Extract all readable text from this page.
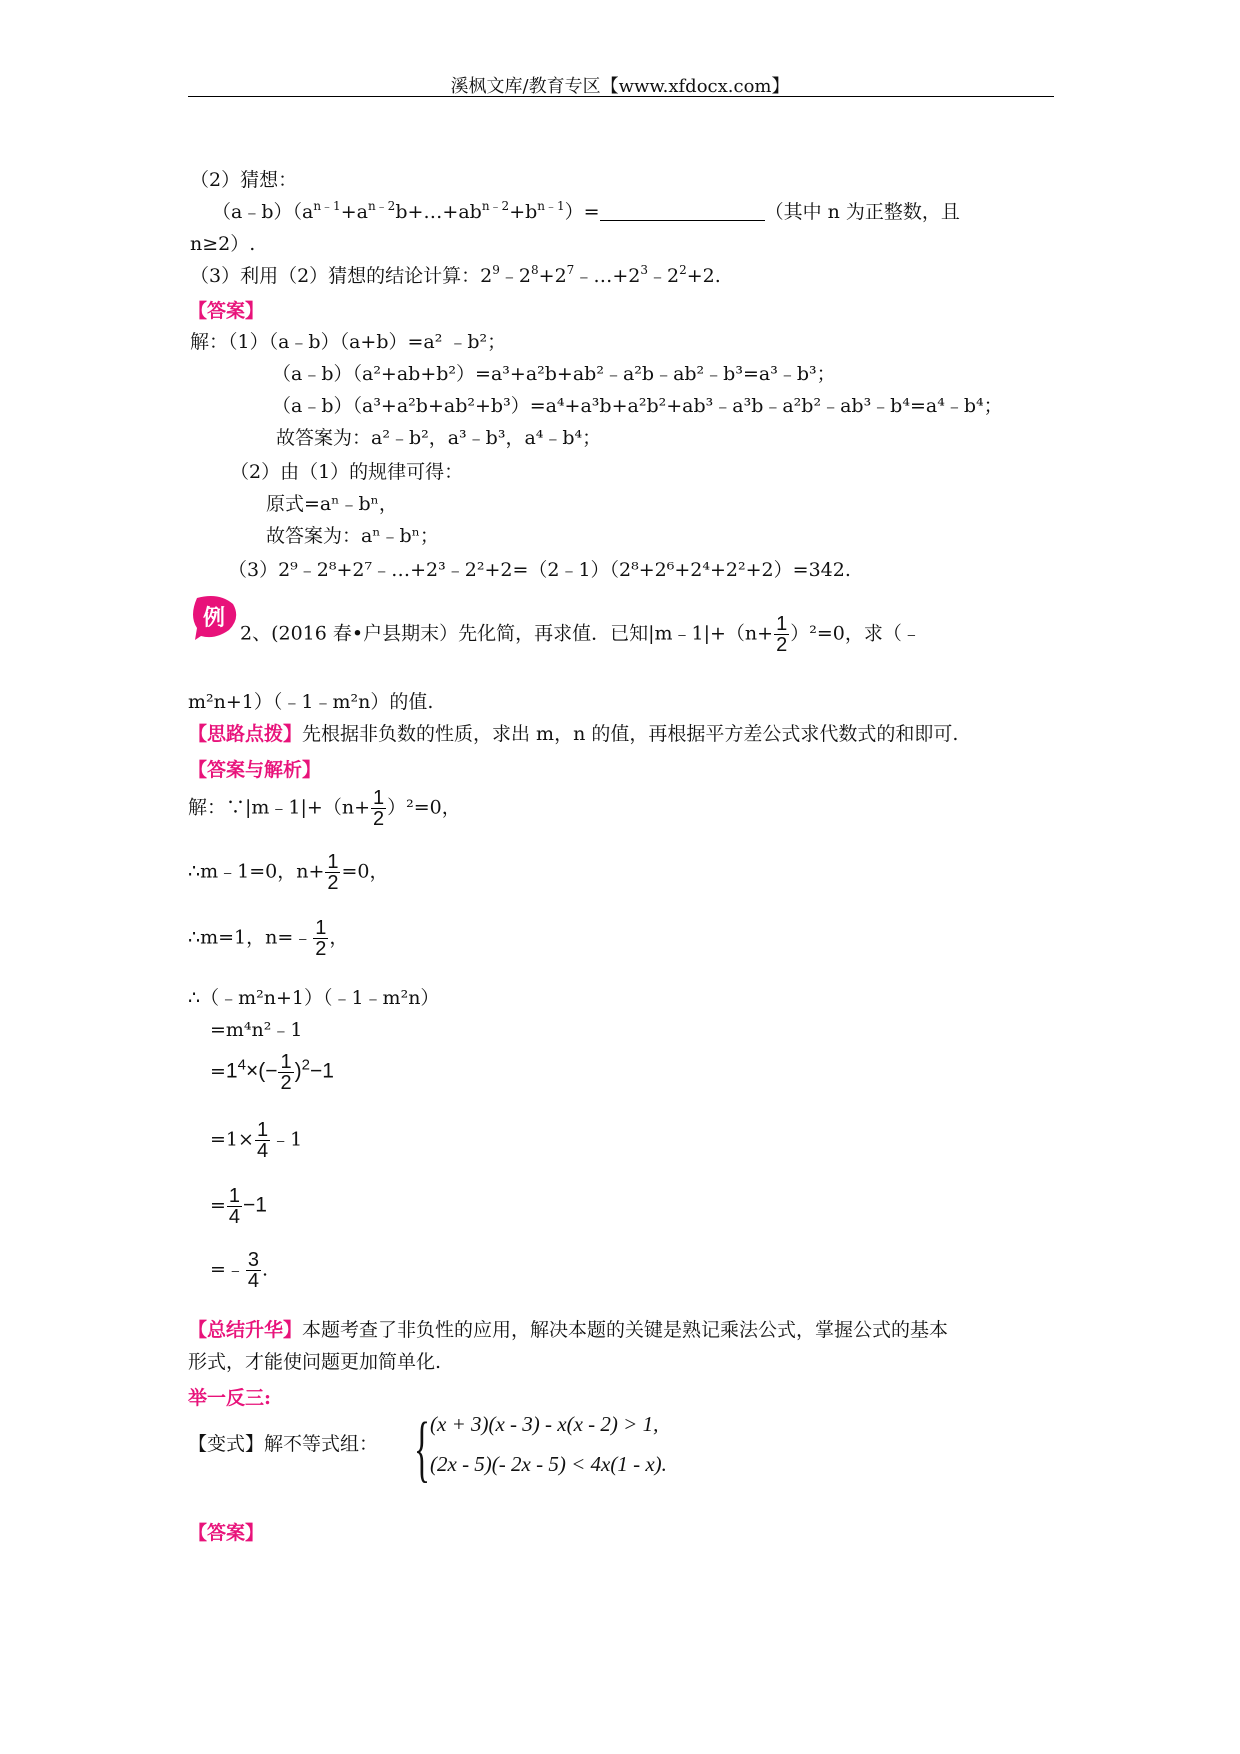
溪枫文库/教育专区【www.xfdocx.com】
（2）猜想：
$(a﹣b)(a^{n﹣1}+a^{n﹣2}b+\dots+ab^{n﹣2}+b^{n﹣1})=$	（其中 n 为正整数，且
n≥2）.
（3）利用（2）猜想的结论计算：$2^9﹣2^8+2^7﹣\dots+2^3﹣2^2+2$.
【答案】
解：（1）（a﹣b）（a+b）=a² ﹣b²；
（a﹣b）（a²+ab+b²）=a³+a²b+ab²﹣a²b﹣ab²﹣b³=a³﹣b³；
（a﹣b）（a³+a²b+ab²+b³）=a⁴+a³b+a²b²+ab³﹣a³b﹣a²b²﹣ab³﹣b⁴=a⁴﹣b⁴；
故答案为：a²﹣b²，a³﹣b³，a⁴﹣b⁴；
（2）由（1）的规律可得：
原式=aⁿ﹣bⁿ，
故答案为：aⁿ﹣bⁿ；
（3）2⁹﹣2⁸+2⁷﹣…+2³﹣2²+2=（2﹣1）（2⁸+2⁶+2⁴+2²+2）=342.
例
2、(2016 春•户县期末）先化简，再求值．已知|m﹣1|+（n+ $\frac{1}{2} )^2=0$，求（﹣
m²n+1）（﹣1﹣m²n）的值.
【思路点拨】先根据非负数的性质，求出 m，n 的值，再根据平方差公式求代数式的和即可.
【答案与解析】
解：∵|m﹣1|+（n+ $\frac{1}{2} )^2=0$，
∴m﹣1=0，$n+ \frac{1}{2} =0$，
∴m=1，n=﹣ $\frac{1}{2}$ ，
∴（﹣m²n+1）（﹣1﹣m²n）
=m⁴n²﹣1
$=1^4\times(- \frac{1}{2} )^2-1$
$=1\times \frac{1}{4}$ ﹣1
= $\frac{1}{4} -1$
=﹣ $\frac{3}{4}$ .
【总结升华】本题考查了非负性的应用，解决本题的关键是熟记乘法公式，掌握公式的基本
形式，才能使问题更加简单化.
举一反三:
【变式】解不等式组： { (x + 3)(x - 3) - x(x - 2) > 1,
(2x - 5)(- 2x - 5) < 4x(1 - x).
【答案】
